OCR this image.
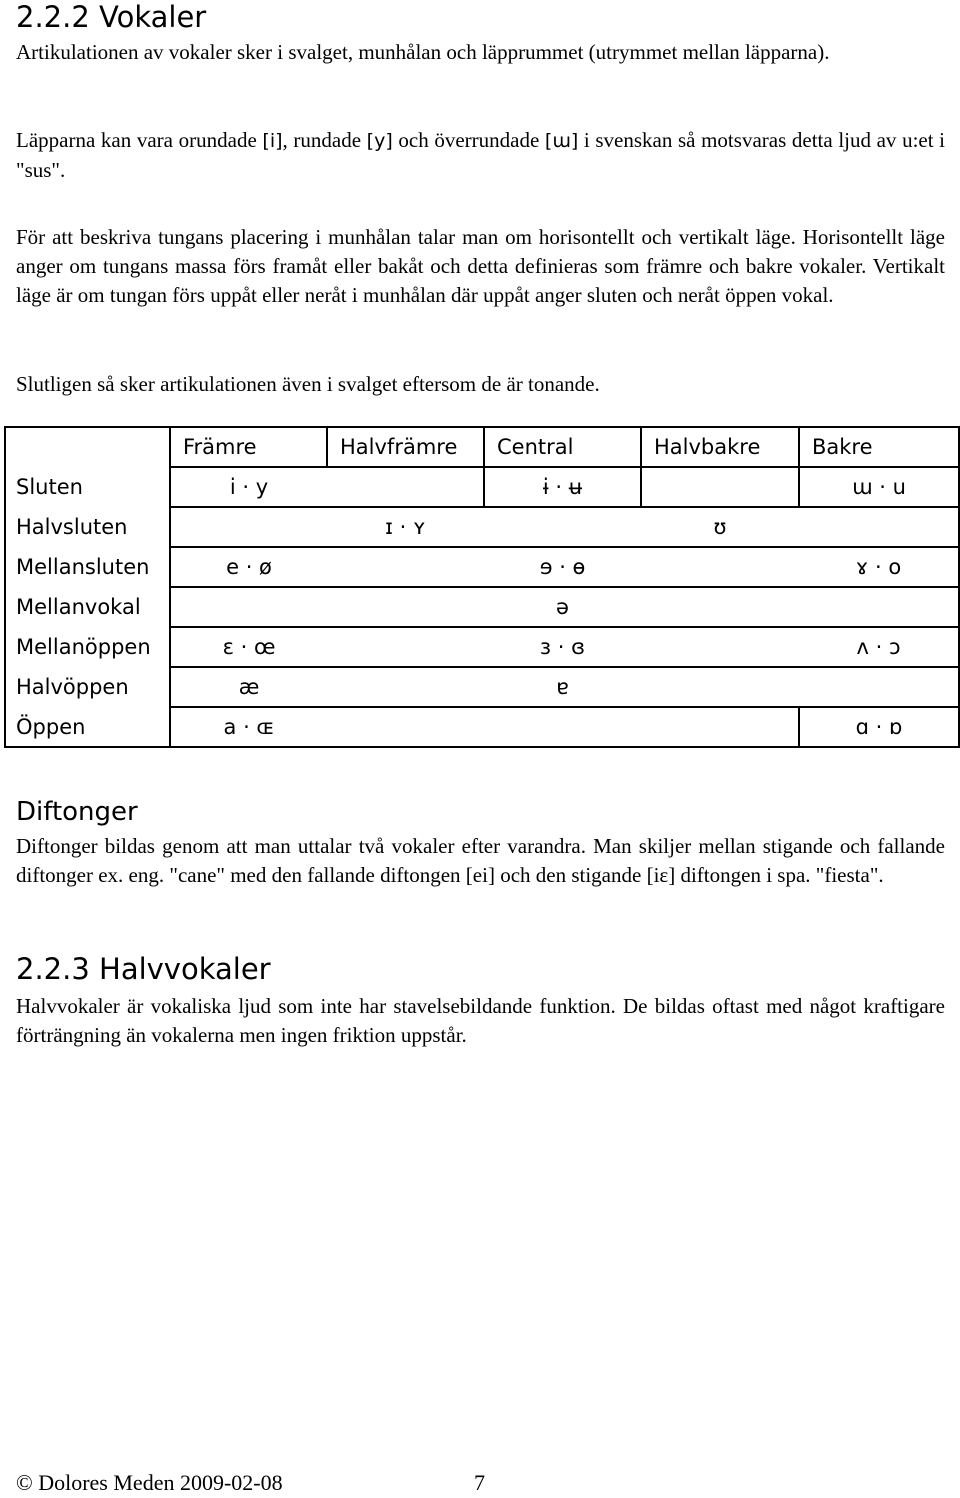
2.2.2 Vokaler

Artikulationen av vokaler sker i svalget, munhålan och läpprummet (utrymmet mellan läpparna).

Läpparna kan vara orundade [i], rundade [y] och överrundade [ɯ] i svenskan så motsvaras detta ljud av u:et i "sus".

För att beskriva tungans placering i munhålan talar man om horisontellt och vertikalt läge. Horisontellt läge anger om tungans massa förs framåt eller bakåt och detta definieras som främre och bakre vokaler. Vertikalt läge är om tungan förs uppåt eller neråt i munhålan där uppåt anger sluten och neråt öppen vokal.

Slutligen så sker artikulationen även i svalget eftersom de är tonande.

	Främre	Halvfrämre	Central	Halvbakre	Bakre
Sluten	i · y		ɨ · ʉ		ɯ · u
Halvsluten		ɪ · ʏ		ʊ	
Mellansluten	e · ø		ɘ · ɵ		ɤ · o
Mellanvokal			ə		
Mellanöppen	ɛ · œ		ɜ · ɞ		ʌ · ɔ
Halvöppen	æ		ɐ		
Öppen	a · ɶ				ɑ · ɒ
Diftonger

Diftonger bildas genom att man uttalar två vokaler efter varandra. Man skiljer mellan stigande och fallande diftonger ex. eng. "cane" med den fallande diftongen [ei] och den stigande [iɛ] diftongen i spa. "fiesta".

2.2.3 Halvvokaler

Halvvokaler är vokaliska ljud som inte har stavelsebildande funktion. De bildas oftast med något kraftigare förträngning än vokalerna men ingen friktion uppstår.

© Dolores Meden 2009-02-08	7
